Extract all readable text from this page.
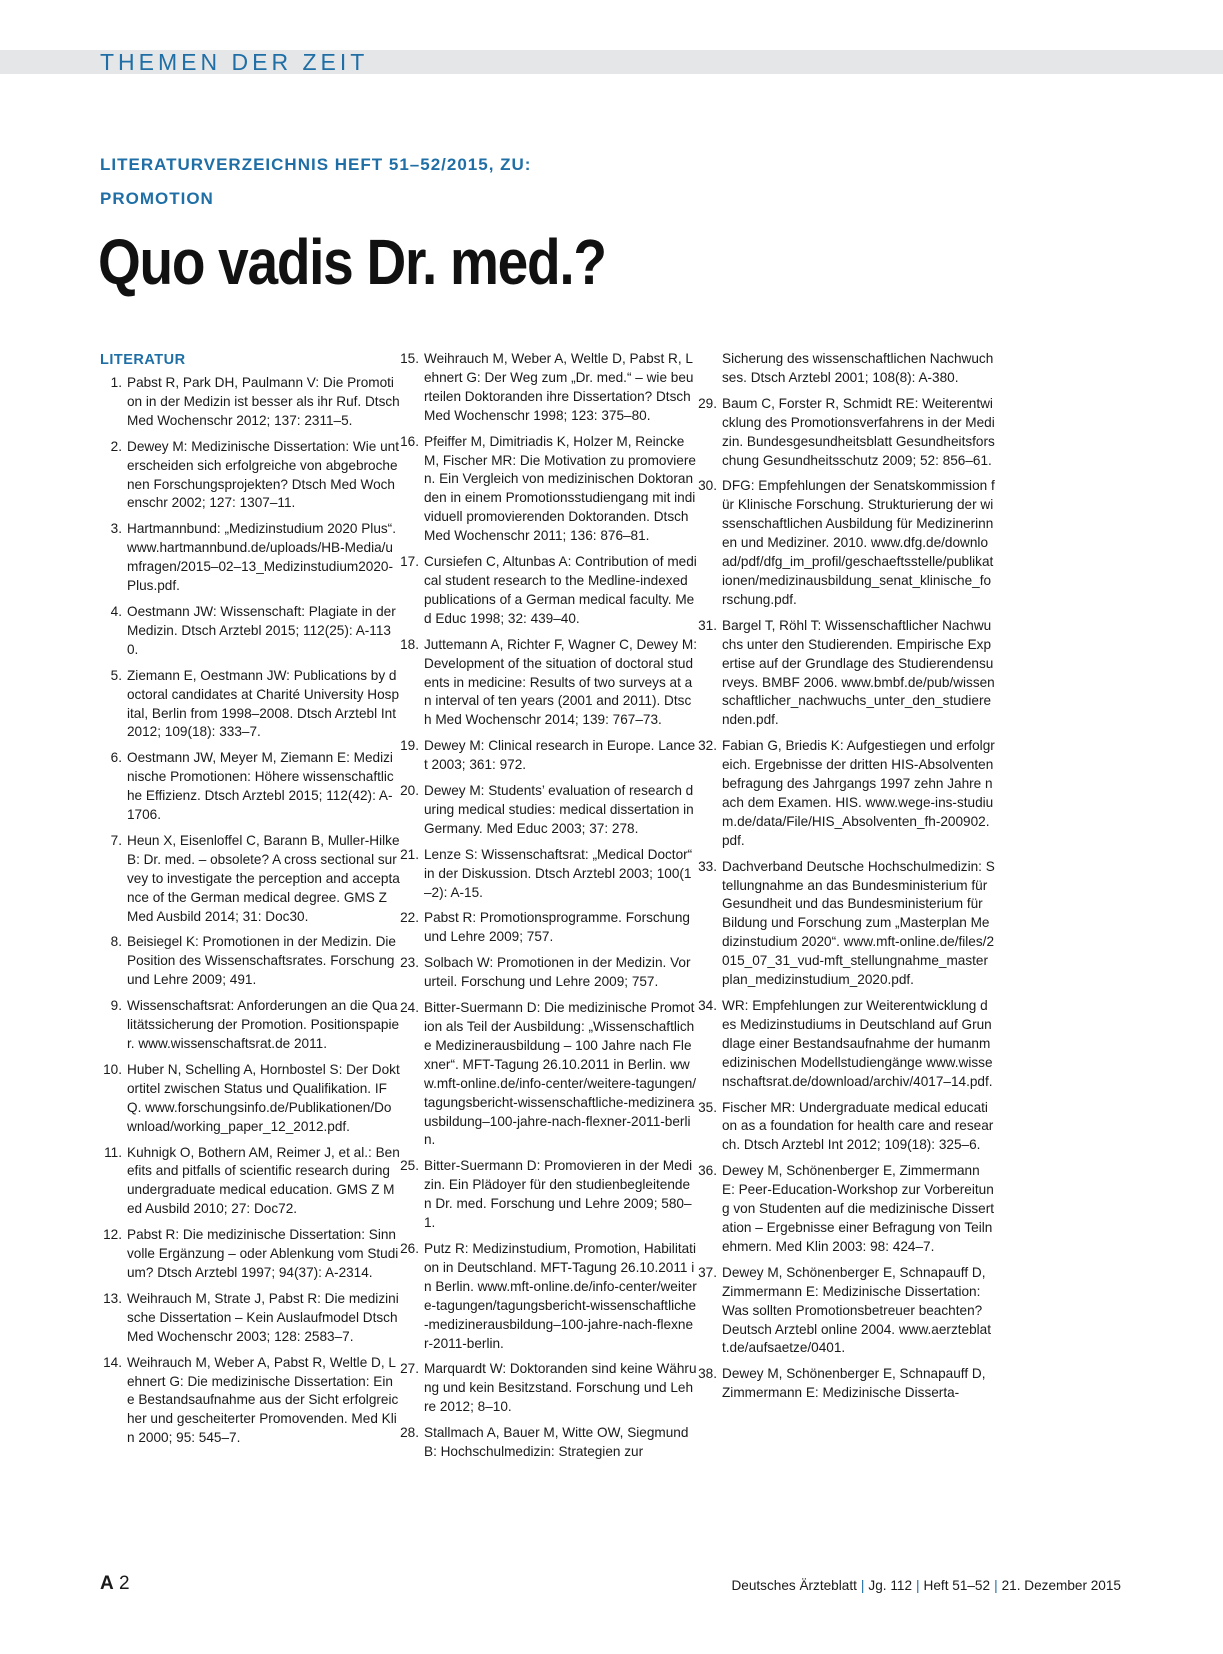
THEMEN DER ZEIT
LITERATURVERZEICHNIS HEFT 51–52/2015, ZU:
PROMOTION
Quo vadis Dr. med.?
LITERATUR
1. Pabst R, Park DH, Paulmann V: Die Promotion in der Medizin ist besser als ihr Ruf. Dtsch Med Wochenschr 2012; 137: 2311–5.
2. Dewey M: Medizinische Dissertation: Wie unterscheiden sich erfolgreiche von abgebrochenen Forschungsprojekten? Dtsch Med Wochenschr 2002; 127: 1307–11.
3. Hartmannbund: „Medizinstudium 2020 Plus“. www.hartmannbund.de/uploads/HB-Media/umfragen/2015–02–13_Medizinstudium2020-Plus.pdf.
4. Oestmann JW: Wissenschaft: Plagiate in der Medizin. Dtsch Arztebl 2015; 112(25): A-1130.
5. Ziemann E, Oestmann JW: Publications by doctoral candidates at Charité University Hospital, Berlin from 1998–2008. Dtsch Arztebl Int 2012; 109(18): 333–7.
6. Oestmann JW, Meyer M, Ziemann E: Medizinische Promotionen: Höhere wissenschaftliche Effizienz. Dtsch Arztebl 2015; 112(42): A-1706.
7. Heun X, Eisenloffel C, Barann B, Muller-Hilke B: Dr. med. – obsolete? A cross sectional survey to investigate the perception and acceptance of the German medical degree. GMS Z Med Ausbild 2014; 31: Doc30.
8. Beisiegel K: Promotionen in der Medizin. Die Position des Wissenschaftsrates. Forschung und Lehre 2009; 491.
9. Wissenschaftsrat: Anforderungen an die Qualitätssicherung der Promotion. Positionspapier. www.wissenschaftsrat.de 2011.
10. Huber N, Schelling A, Hornbostel S: Der Doktortitel zwischen Status und Qualifikation. IFQ. www.forschungsinfo.de/Publikationen/Download/working_paper_12_2012.pdf.
11. Kuhnigk O, Bothern AM, Reimer J, et al.: Benefits and pitfalls of scientific research during undergraduate medical education. GMS Z Med Ausbild 2010; 27: Doc72.
12. Pabst R: Die medizinische Dissertation: Sinnvolle Ergänzung – oder Ablenkung vom Studium? Dtsch Arztebl 1997; 94(37): A-2314.
13. Weihrauch M, Strate J, Pabst R: Die medizinische Dissertation – Kein Auslaufmodel Dtsch Med Wochenschr 2003; 128: 2583–7.
14. Weihrauch M, Weber A, Pabst R, Weltle D, Lehnert G: Die medizinische Dissertation: Eine Bestandsaufnahme aus der Sicht erfolgreicher und gescheiterter Promovenden. Med Klin 2000; 95: 545–7.
15. Weihrauch M, Weber A, Weltle D, Pabst R, Lehnert G: Der Weg zum „Dr. med.“ – wie beurteilen Doktoranden ihre Dissertation? Dtsch Med Wochenschr 1998; 123: 375–80.
16. Pfeiffer M, Dimitriadis K, Holzer M, Reincke M, Fischer MR: Die Motivation zu promovieren. Ein Vergleich von medizinischen Doktoranden in einem Promotionsstudiengang mit individuell promovierenden Doktoranden. Dtsch Med Wochenschr 2011; 136: 876–81.
17. Cursiefen C, Altunbas A: Contribution of medical student research to the Medline-indexed publications of a German medical faculty. Med Educ 1998; 32: 439–40.
18. Juttemann A, Richter F, Wagner C, Dewey M: Development of the situation of doctoral students in medicine: Results of two surveys at an interval of ten years (2001 and 2011). Dtsch Med Wochenschr 2014; 139: 767–73.
19. Dewey M: Clinical research in Europe. Lancet 2003; 361: 972.
20. Dewey M: Students’ evaluation of research during medical studies: medical dissertation in Germany. Med Educ 2003; 37: 278.
21. Lenze S: Wissenschaftsrat: „Medical Doctor“ in der Diskussion. Dtsch Arztebl 2003; 100(1–2): A-15.
22. Pabst R: Promotionsprogramme. Forschung und Lehre 2009; 757.
23. Solbach W: Promotionen in der Medizin. Vorurteil. Forschung und Lehre 2009; 757.
24. Bitter-Suermann D: Die medizinische Promotion als Teil der Ausbildung: „Wissenschaftliche Medizinerausbildung – 100 Jahre nach Flexner“. MFT-Tagung 26.10.2011 in Berlin. www.mft-online.de/info-center/weitere-tagungen/tagungsbericht-wissenschaftliche-medizinerausbildung–100-jahre-nach-flexner-2011-berlin.
25. Bitter-Suermann D: Promovieren in der Medizin. Ein Plädoyer für den studienbegleitenden Dr. med. Forschung und Lehre 2009; 580–1.
26. Putz R: Medizinstudium, Promotion, Habilitation in Deutschland. MFT-Tagung 26.10.2011 in Berlin. www.mft-online.de/info-center/weitere-tagungen/tagungsbericht-wissenschaftliche-medizinerausbildung–100-jahre-nach-flexner-2011-berlin.
27. Marquardt W: Doktoranden sind keine Währung und kein Besitzstand. Forschung und Lehre 2012; 8–10.
28. Stallmach A, Bauer M, Witte OW, Siegmund B: Hochschulmedizin: Strategien zur
Sicherung des wissenschaftlichen Nachwuchses. Dtsch Arztebl 2001; 108(8): A-380.
29. Baum C, Forster R, Schmidt RE: Weiterentwicklung des Promotionsverfahrens in der Medizin. Bundesgesundheitsblatt Gesundheitsforschung Gesundheitsschutz 2009; 52: 856–61.
30. DFG: Empfehlungen der Senatskommission für Klinische Forschung. Strukturierung der wissenschaftlichen Ausbildung für Medizinerinnen und Mediziner. 2010. www.dfg.de/download/pdf/dfg_im_profil/geschaeftsstelle/publikationen/medizinausbildung_senat_klinische_forschung.pdf.
31. Bargel T, Röhl T: Wissenschaftlicher Nachwuchs unter den Studierenden. Empirische Expertise auf der Grundlage des Studierendensurveys. BMBF 2006. www.bmbf.de/pub/wissenschaftlicher_nachwuchs_unter_den_studierenden.pdf.
32. Fabian G, Briedis K: Aufgestiegen und erfolgreich. Ergebnisse der dritten HIS-Absolventenbefragung des Jahrgangs 1997 zehn Jahre nach dem Examen. HIS. www.wege-ins-studium.de/data/File/HIS_Absolventen_fh-200902.pdf.
33. Dachverband Deutsche Hochschulmedizin: Stellungnahme an das Bundesministerium für Gesundheit und das Bundesministerium für Bildung und Forschung zum „Masterplan Medizinstudium 2020“. www.mft-online.de/files/2015_07_31_vud-mft_stellungnahme_masterplan_medizinstudium_2020.pdf.
34. WR: Empfehlungen zur Weiterentwicklung des Medizinstudiums in Deutschland auf Grundlage einer Bestandsaufnahme der humanmedizinischen Modellstudiengänge www.wissenschaftsrat.de/download/archiv/4017–14.pdf.
35. Fischer MR: Undergraduate medical education as a foundation for health care and research. Dtsch Arztebl Int 2012; 109(18): 325–6.
36. Dewey M, Schönenberger E, Zimmermann E: Peer-Education-Workshop zur Vorbereitung von Studenten auf die medizinische Dissertation – Ergebnisse einer Befragung von Teilnehmern. Med Klin 2003: 98: 424–7.
37. Dewey M, Schönenberger E, Schnapauff D, Zimmermann E: Medizinische Dissertation: Was sollten Promotionsbetreuer beachten? Deutsch Arztebl online 2004. www.aerzteblatt.de/aufsaetze/0401.
38. Dewey M, Schönenberger E, Schnapauff D, Zimmermann E: Medizinische Disserta-
A 2	Deutsches Ärzteblatt | Jg. 112 | Heft 51–52 | 21. Dezember 2015
